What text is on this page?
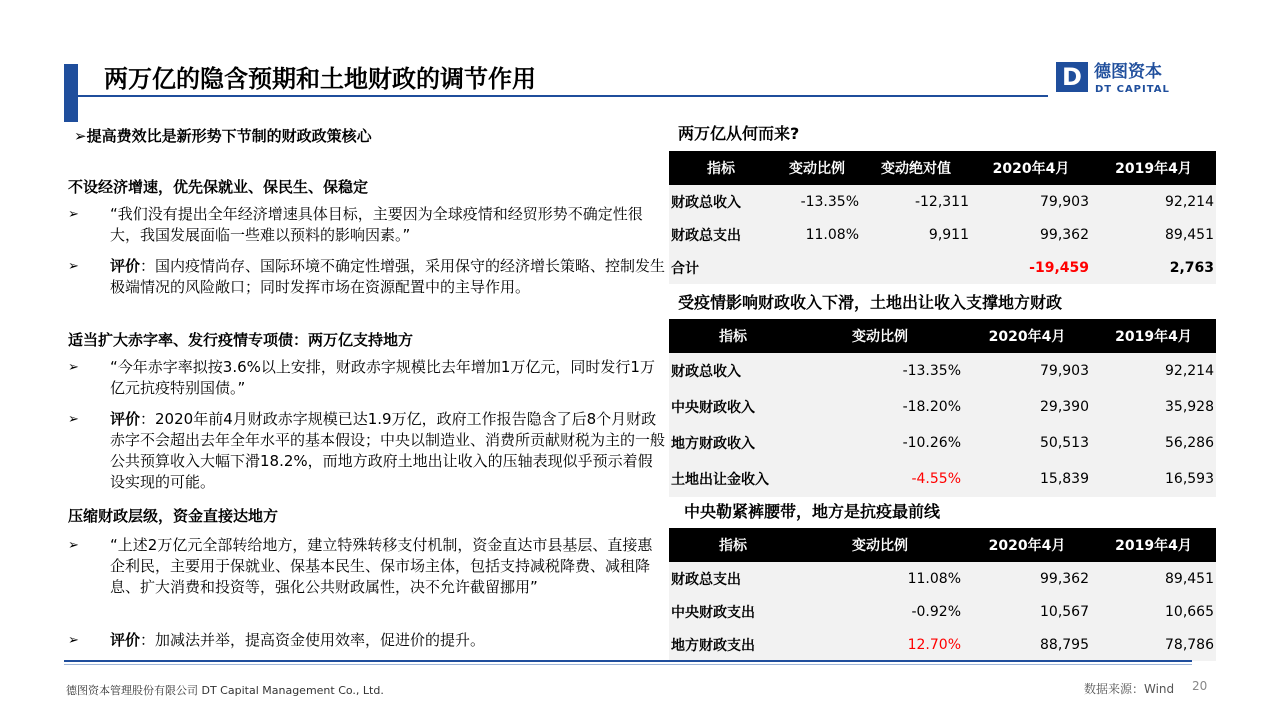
两万亿的隐含预期和土地财政的调节作用	D 德图资本
DT CAPITAL
➢提高费效比是新形势下节制的财政政策核心
不设经济增速，优先保就业、保民生、保稳定
➢ “我们没有提出全年经济增速具体目标，主要因为全球疫情和经贸形势不确定性很大，我国发展面临一些难以预料的影响因素。”
➢ 评价：国内疫情尚存、国际环境不确定性增强，采用保守的经济增长策略、控制发生极端情况的风险敞口；同时发挥市场在资源配置中的主导作用。
适当扩大赤字率、发行疫情专项债：两万亿支持地方
➢ “今年赤字率拟按3.6%以上安排，财政赤字规模比去年增加1万亿元，同时发行1万亿元抗疫特别国债。”
➢ 评价：2020年前4月财政赤字规模已达1.9万亿，政府工作报告隐含了后8个月财政赤字不会超出去年全年水平的基本假设；中央以制造业、消费所贡献财税为主的一般公共预算收入大幅下滑18.2%，而地方政府土地出让收入的压轴表现似乎预示着假设实现的可能。
压缩财政层级，资金直接达地方
➢ “上述2万亿元全部转给地方，建立特殊转移支付机制，资金直达市县基层、直接惠企利民，主要用于保就业、保基本民生、保市场主体，包括支持减税降费、减租降息、扩大消费和投资等，强化公共财政属性，决不允许截留挪用”
➢ 评价：加减法并举，提高资金使用效率，促进价的提升。
两万亿从何而来?
指标	变动比例	变动绝对值	2020年4月	2019年4月
财政总收入	-13.35%	-12,311	79,903	92,214
财政总支出	11.08%	9,911	99,362	89,451
合计			-19,459	2,763
受疫情影响财政收入下滑，土地出让收入支撑地方财政
指标	变动比例	2020年4月	2019年4月
财政总收入	-13.35%	79,903	92,214
中央财政收入	-18.20%	29,390	35,928
地方财政收入	-10.26%	50,513	56,286
土地出让金收入	-4.55%	15,839	16,593
中央勒紧裤腰带，地方是抗疫最前线
指标	变动比例	2020年4月	2019年4月
财政总支出	11.08%	99,362	89,451
中央财政支出	-0.92%	10,567	10,665
地方财政支出	12.70%	88,795	78,786
德图资本管理股份有限公司 DT Capital Management Co., Ltd.	数据来源：Wind 20
